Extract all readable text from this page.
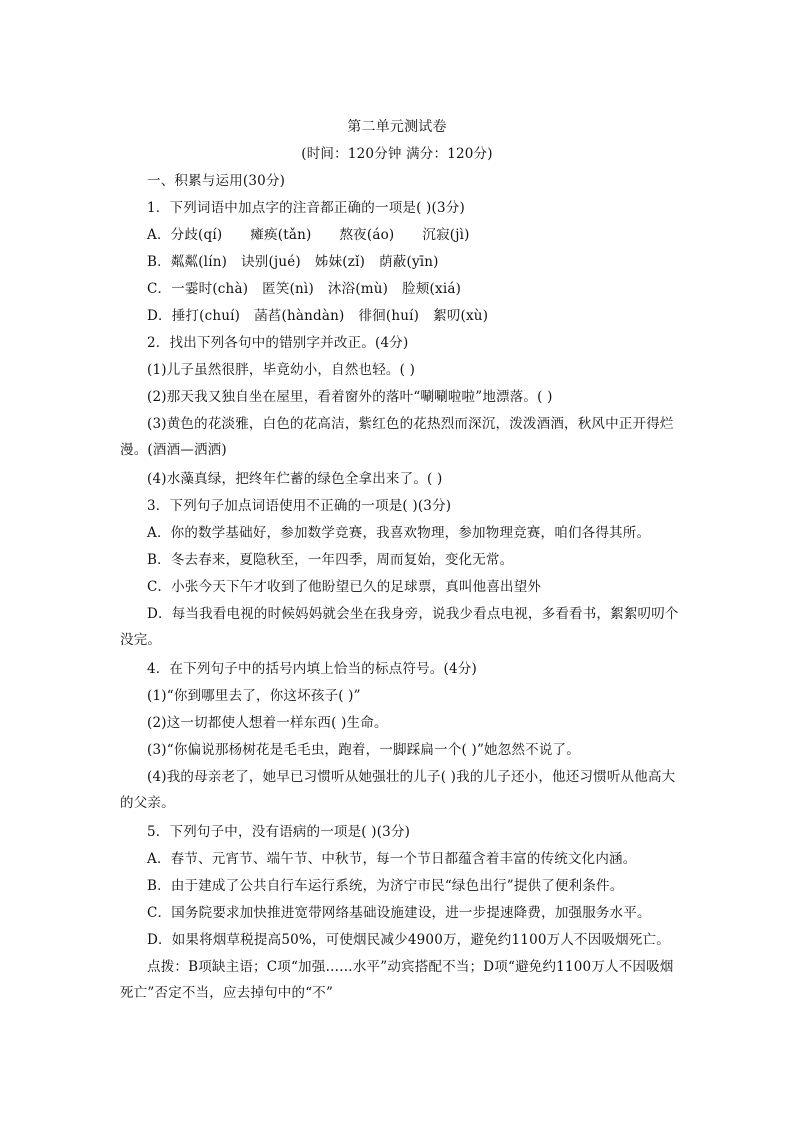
第二单元测试卷
(时间：120分钟 满分：120分)
一、积累与运用(30分)
1．下列词语中加点字的注音都正确的一项是( )(3分)
A．分歧(qí) 瘫痪(tǎn) 熬夜(áo) 沉寂(jì)
B．粼粼(lín) 诀别(jué) 姊妹(zǐ) 荫蔽(yīn)
C．一霎时(chà) 匿笑(nì) 沐浴(mù) 脸颊(xiá)
D．捶打(chuí) 菡萏(hàndàn) 徘徊(huí) 絮叨(xù)
2．找出下列各句中的错别字并改正。(4分)
(1)儿子虽然很胖，毕竟幼小，自然也轻。( )
(2)那天我又独自坐在屋里，看着窗外的落叶“唰唰啦啦”地漂落。( )
(3)黄色的花淡雅，白色的花高洁，紫红色的花热烈而深沉，泼泼酒酒，秋风中正开得烂漫。(酒酒—洒洒)
(4)水藻真绿，把终年伫蓄的绿色全拿出来了。( )
3．下列句子加点词语使用不正确的一项是( )(3分)
A．你的数学基础好，参加数学竞赛，我喜欢物理，参加物理竞赛，咱们各得其所。
B．冬去春来，夏隐秋至，一年四季，周而复始，变化无常。
C．小张今天下午才收到了他盼望已久的足球票，真叫他喜出望外
D．每当我看电视的时候妈妈就会坐在我身旁，说我少看点电视，多看看书，絮絮叨叨个没完。
4．在下列句子中的括号内填上恰当的标点符号。(4分)
(1)“你到哪里去了，你这坏孩子( )”
(2)这一切都使人想着一样东西( )生命。
(3)“你偏说那杨树花是毛毛虫，跑着，一脚踩扁一个( )”她忽然不说了。
(4)我的母亲老了，她早已习惯听从她强壮的儿子( )我的儿子还小，他还习惯听从他高大的父亲。
5．下列句子中，没有语病的一项是( )(3分)
A．春节、元宵节、端午节、中秋节，每一个节日都蕴含着丰富的传统文化内涵。
B．由于建成了公共自行车运行系统，为济宁市民“绿色出行”提供了便利条件。
C．国务院要求加快推进宽带网络基础设施建设，进一步提速降费，加强服务水平。
D．如果将烟草税提高50%，可使烟民减少4900万，避免约1100万人不因吸烟死亡。
点拨：B项缺主语；C项“加强……水平”动宾搭配不当；D项“避免约1100万人不因吸烟死亡”否定不当，应去掉句中的“不”
